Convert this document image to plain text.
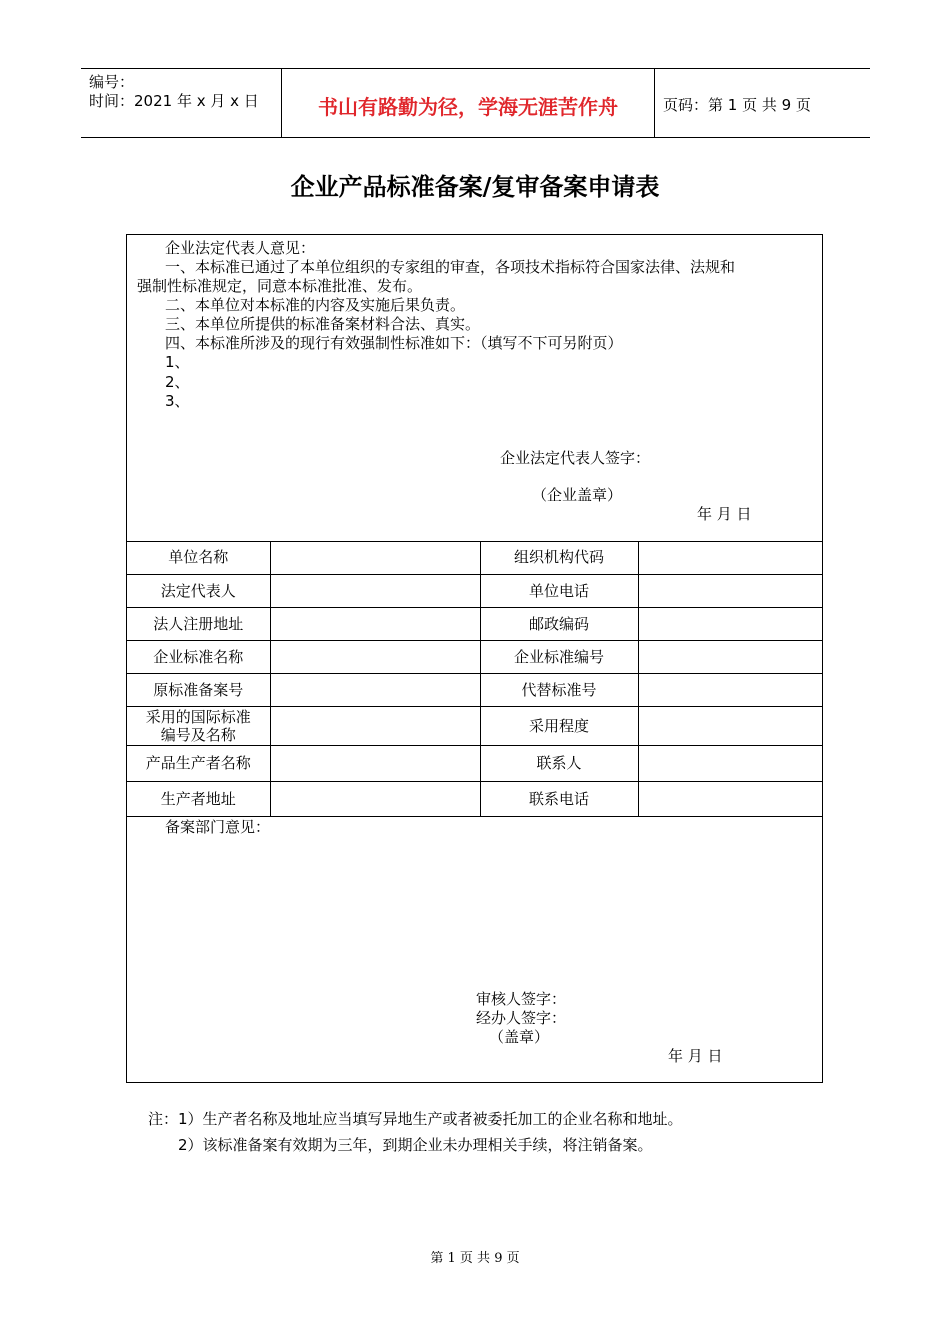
编号：
时间：2021 年 x 月 x 日	书山有路勤为径，学海无涯苦作舟	页码：第 1 页 共 9 页
企业产品标准备案/复审备案申请表
企业法定代表人意见：
一、本标准已通过了本单位组织的专家组的审查，各项技术指标符合国家法律、法规和
强制性标准规定，同意本标准批准、发布。
二、本单位对本标准的内容及实施后果负责。
三、本单位所提供的标准备案材料合法、真实。
四、本标准所涉及的现行有效强制性标准如下：（填写不下可另附页）
1、
2、
3、
企业法定代表人签字：
（企业盖章）
年 月 日
单位名称		组织机构代码	
法定代表人		单位电话	
法人注册地址		邮政编码	
企业标准名称		企业标准编号	
原标准备案号		代替标准号	

采用的国际标准
编号及名称		采用程度	
产品生产者名称		联系人	
生产者地址		联系电话	
备案部门意见：
审核人签字：
经办人签字：
（盖章）
年 月 日
注：1）生产者名称及地址应当填写异地生产或者被委托加工的企业名称和地址。
2）该标准备案有效期为三年，到期企业未办理相关手续，将注销备案。
第 1 页 共 9 页
